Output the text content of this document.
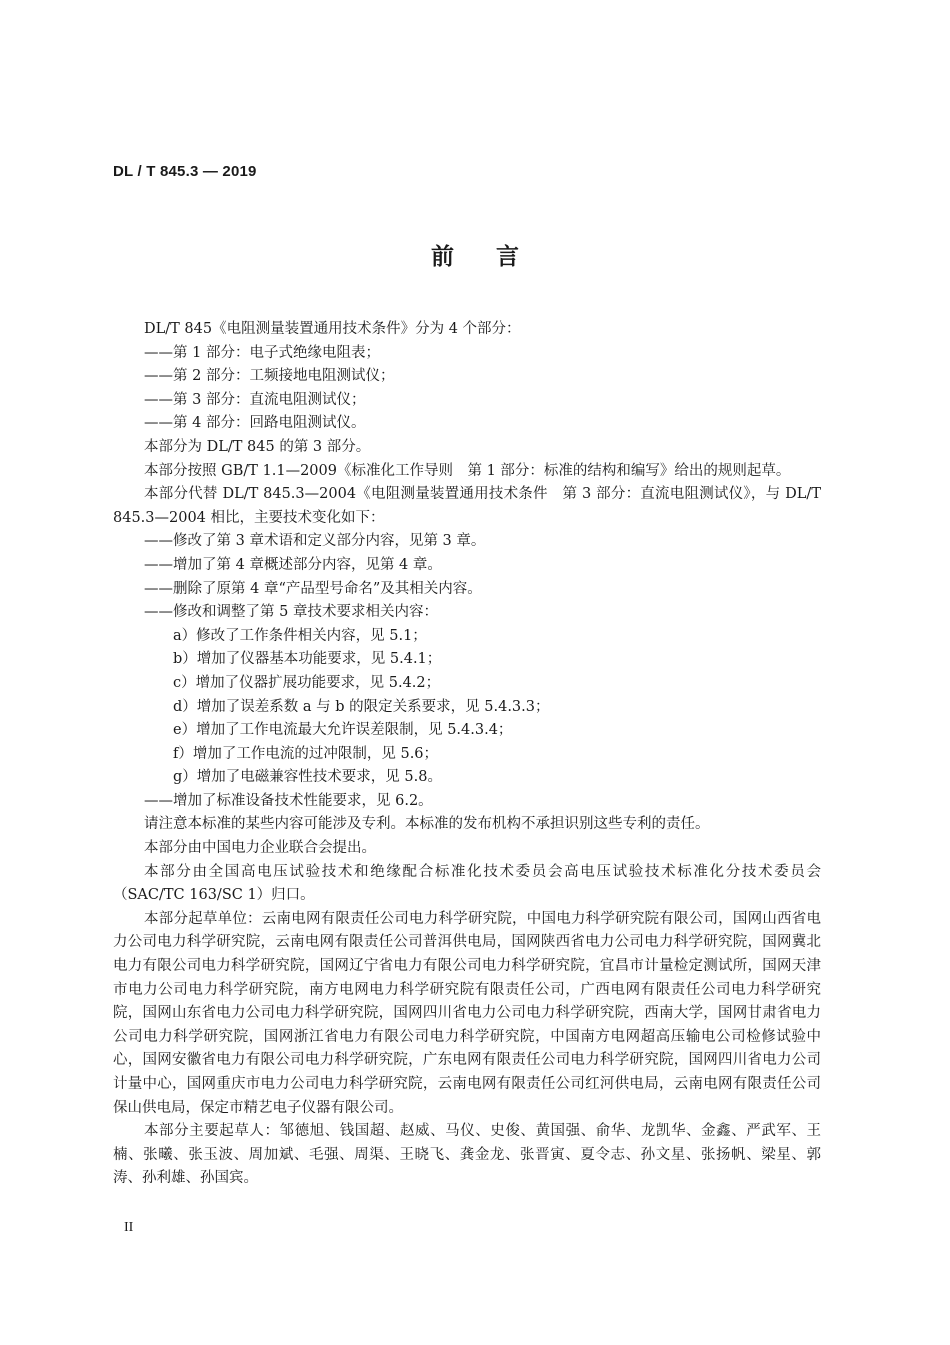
DL / T 845.3 — 2019
前言

DL/T 845《电阻测量装置通用技术条件》分为 4 个部分：

——第 1 部分：电子式绝缘电阻表；

——第 2 部分：工频接地电阻测试仪；

——第 3 部分：直流电阻测试仪；

——第 4 部分：回路电阻测试仪。

本部分为 DL/T 845 的第 3 部分。

本部分按照 GB/T 1.1—2009《标准化工作导则　第 1 部分：标准的结构和编写》给出的规则起草。

本部分代替 DL/T 845.3—2004《电阻测量装置通用技术条件　第 3 部分：直流电阻测试仪》，与 DL/T 845.3—2004 相比，主要技术变化如下：

——修改了第 3 章术语和定义部分内容，见第 3 章。

——增加了第 4 章概述部分内容，见第 4 章。

——删除了原第 4 章“产品型号命名”及其相关内容。

——修改和调整了第 5 章技术要求相关内容：

a）修改了工作条件相关内容，见 5.1；

b）增加了仪器基本功能要求，见 5.4.1；

c）增加了仪器扩展功能要求，见 5.4.2；

d）增加了误差系数 a 与 b 的限定关系要求，见 5.4.3.3；

e）增加了工作电流最大允许误差限制，见 5.4.3.4；

f）增加了工作电流的过冲限制，见 5.6；

g）增加了电磁兼容性技术要求，见 5.8。

——增加了标准设备技术性能要求，见 6.2。

请注意本标准的某些内容可能涉及专利。本标准的发布机构不承担识别这些专利的责任。

本部分由中国电力企业联合会提出。

本部分由全国高电压试验技术和绝缘配合标准化技术委员会高电压试验技术标准化分技术委员会（SAC/TC 163/SC 1）归口。

本部分起草单位：云南电网有限责任公司电力科学研究院，中国电力科学研究院有限公司，国网山西省电力公司电力科学研究院，云南电网有限责任公司普洱供电局，国网陕西省电力公司电力科学研究院，国网冀北电力有限公司电力科学研究院，国网辽宁省电力有限公司电力科学研究院，宜昌市计量检定测试所，国网天津市电力公司电力科学研究院，南方电网电力科学研究院有限责任公司，广西电网有限责任公司电力科学研究院，国网山东省电力公司电力科学研究院，国网四川省电力公司电力科学研究院，西南大学，国网甘肃省电力公司电力科学研究院，国网浙江省电力有限公司电力科学研究院，中国南方电网超高压输电公司检修试验中心，国网安徽省电力有限公司电力科学研究院，广东电网有限责任公司电力科学研究院，国网四川省电力公司计量中心，国网重庆市电力公司电力科学研究院，云南电网有限责任公司红河供电局，云南电网有限责任公司保山供电局，保定市精艺电子仪器有限公司。

本部分主要起草人：邹德旭、钱国超、赵威、马仪、史俊、黄国强、俞华、龙凯华、金鑫、严武军、王楠、张曦、张玉波、周加斌、毛强、周渠、王晓飞、龚金龙、张晋寅、夏令志、孙文星、张扬帆、梁星、郭涛、孙利雄、孙国宾。

II
